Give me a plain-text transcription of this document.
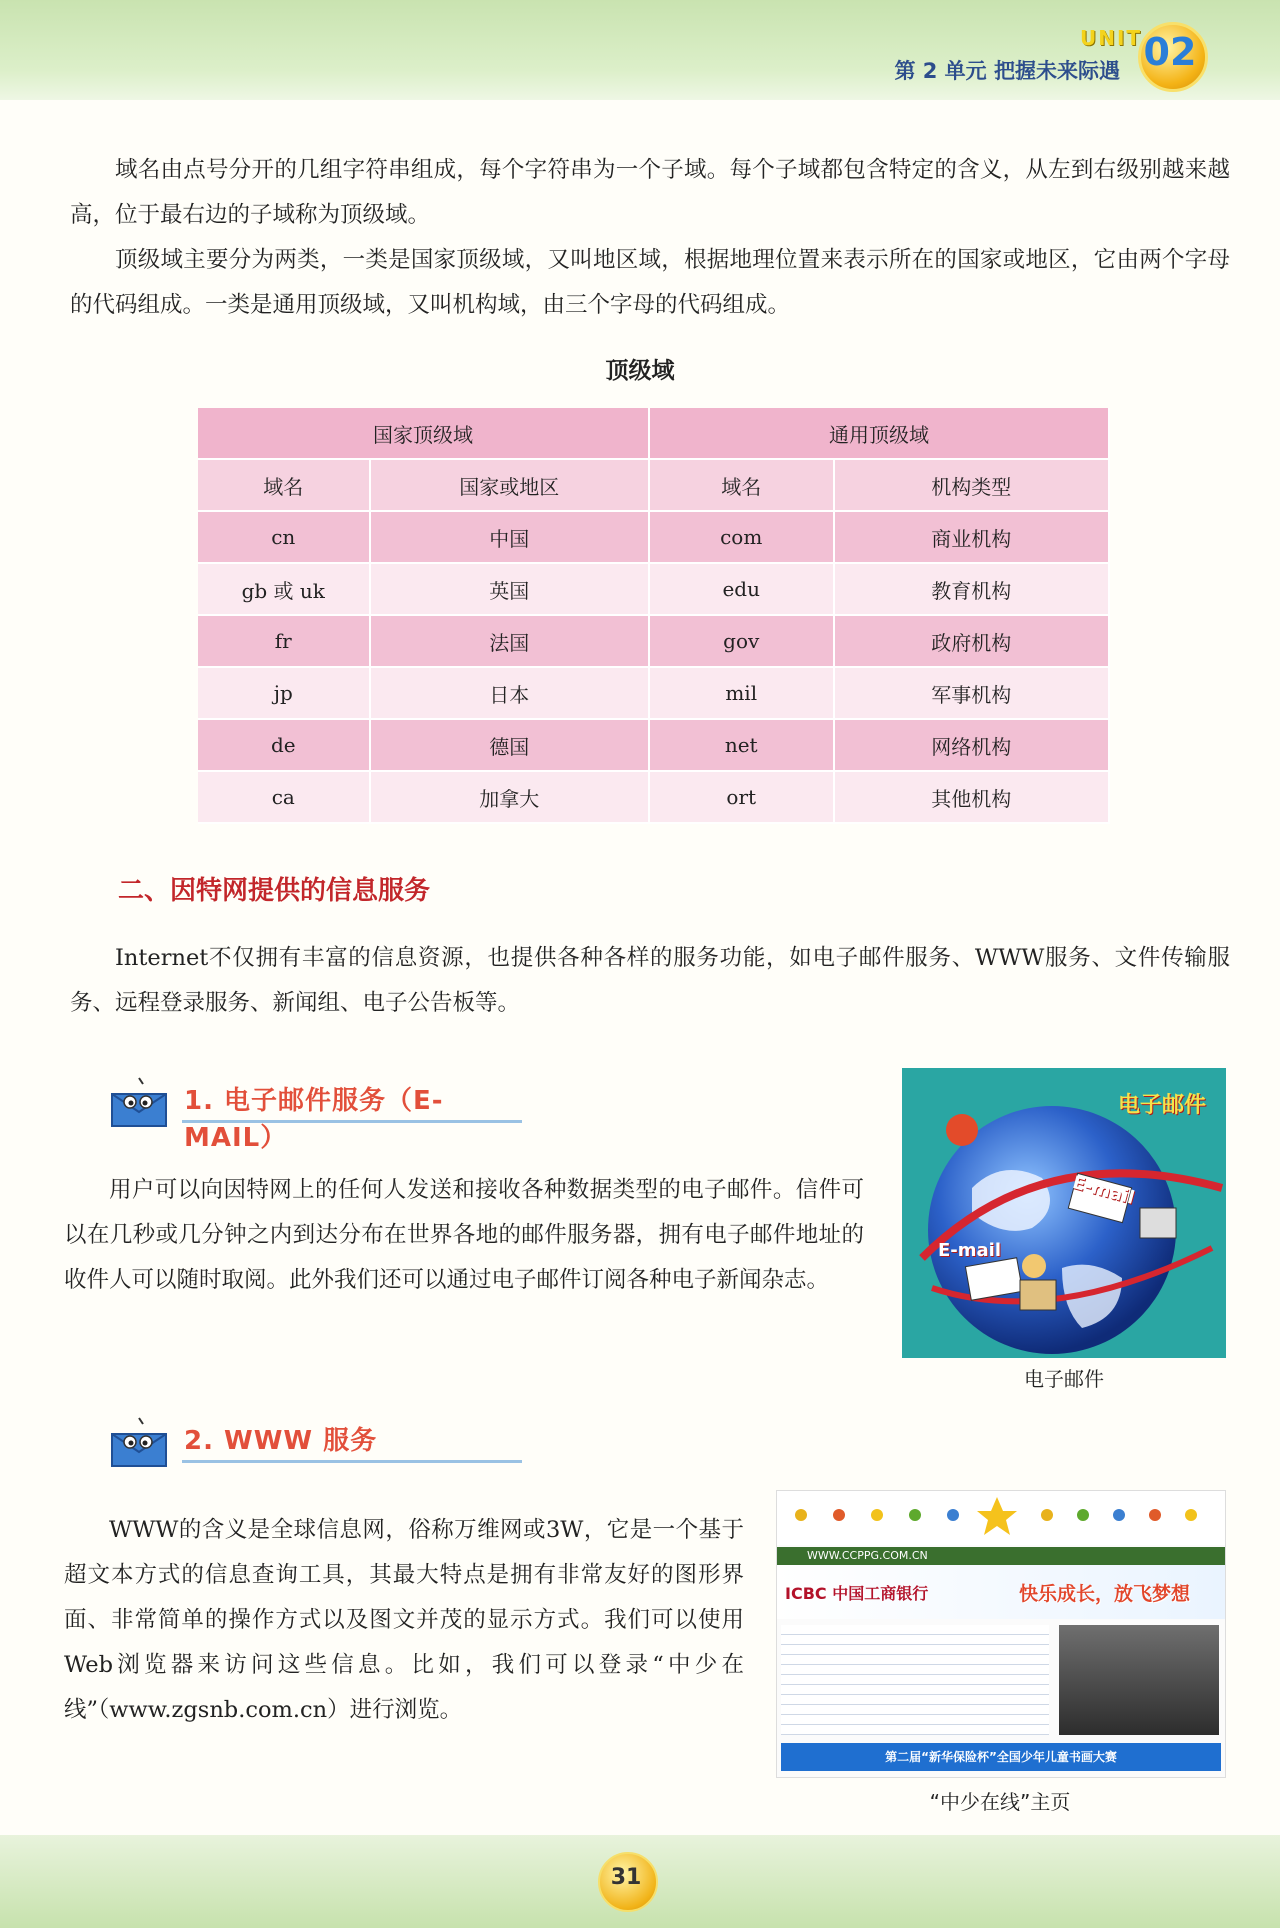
第 2 单元 把握未来际遇
UNIT 02
域名由点号分开的几组字符串组成，每个字符串为一个子域。每个子域都包含特定的含义，从左到右级别越来越高，位于最右边的子域称为顶级域。
顶级域主要分为两类，一类是国家顶级域，又叫地区域，根据地理位置来表示所在的国家或地区，它由两个字母的代码组成。一类是通用顶级域，又叫机构域，由三个字母的代码组成。
顶级域
国家顶级域		通用顶级域	
域名	国家或地区	域名	机构类型
cn	中国	com	商业机构
gb 或 uk	英国	edu	教育机构
fr	法国	gov	政府机构
jp	日本	mil	军事机构
de	德国	net	网络机构
ca	加拿大	ort	其他机构
二、因特网提供的信息服务
Internet不仅拥有丰富的信息资源，也提供各种各样的服务功能，如电子邮件服务、WWW服务、文件传输服务、远程登录服务、新闻组、电子公告板等。
1. 电子邮件服务（E-MAIL）
用户可以向因特网上的任何人发送和接收各种数据类型的电子邮件。信件可以在几秒或几分钟之内到达分布在世界各地的邮件服务器，拥有电子邮件地址的收件人可以随时取阅。此外我们还可以通过电子邮件订阅各种电子新闻杂志。
电子邮件
E-mail
E-mail
电子邮件
2. WWW 服务
WWW的含义是全球信息网，俗称万维网或3W，它是一个基于超文本方式的信息查询工具，其最大特点是拥有非常友好的图形界面、非常简单的操作方式以及图文并茂的显示方式。我们可以使用Web浏览器来访问这些信息。比如，我们可以登录“中少在线”（www.zgsnb.com.cn）进行浏览。
WWW.CCPPG.COM.CN
ICBC 中国工商银行	快乐成长，放飞梦想
第二届“新华保险杯”全国少年儿童书画大赛
“中少在线”主页
31
